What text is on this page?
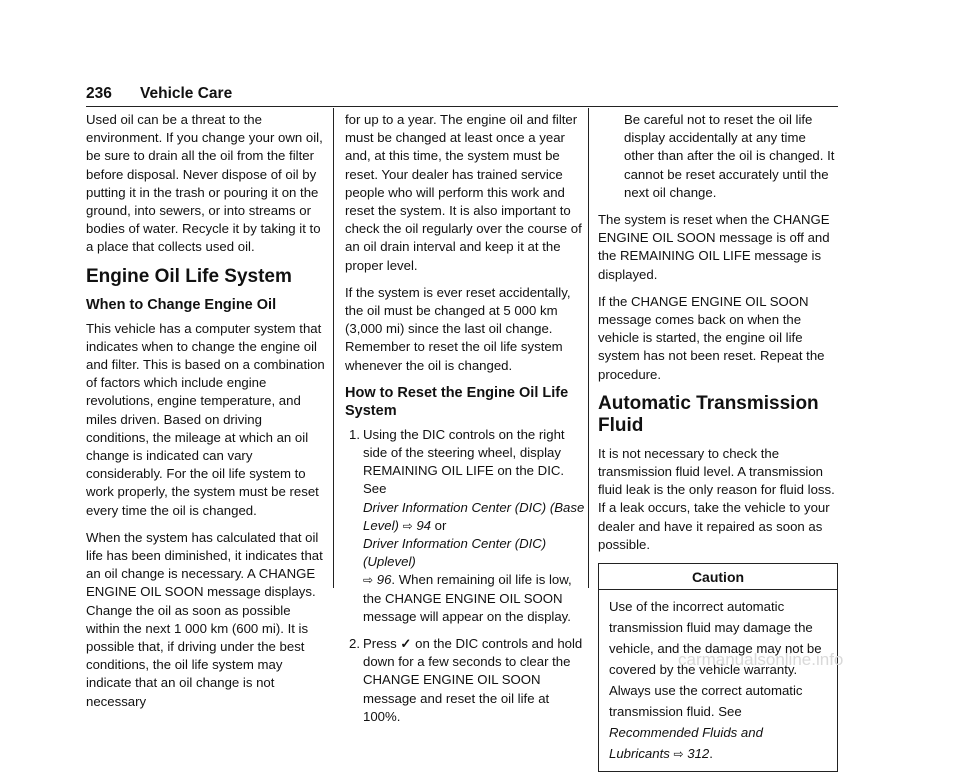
236 Vehicle Care

Used oil can be a threat to the environment. If you change your own oil, be sure to drain all the oil from the filter before disposal. Never dispose of oil by putting it in the trash or pouring it on the ground, into sewers, or into streams or bodies of water. Recycle it by taking it to a place that collects used oil.

Engine Oil Life System
When to Change Engine Oil

This vehicle has a computer system that indicates when to change the engine oil and filter. This is based on a combination of factors which include engine revolutions, engine temperature, and miles driven. Based on driving conditions, the mileage at which an oil change is indicated can vary considerably. For the oil life system to work properly, the system must be reset every time the oil is changed.

When the system has calculated that oil life has been diminished, it indicates that an oil change is necessary. A CHANGE ENGINE OIL SOON message displays. Change the oil as soon as possible within the next 1 000 km (600 mi). It is possible that, if driving under the best conditions, the oil life system may indicate that an oil change is not necessary

for up to a year. The engine oil and filter must be changed at least once a year and, at this time, the system must be reset. Your dealer has trained service people who will perform this work and reset the system. It is also important to check the oil regularly over the course of an oil drain interval and keep it at the proper level.

If the system is ever reset accidentally, the oil must be changed at 5 000 km (3,000 mi) since the last oil change. Remember to reset the oil life system whenever the oil is changed.

How to Reset the Engine Oil Life System
1. Using the DIC controls on the right side of the steering wheel, display REMAINING OIL LIFE on the DIC. See
Driver Information Center (DIC) (Base Level) ⇨ 94 or
Driver Information Center (DIC) (Uplevel)
⇨ 96. When remaining oil life is low, the CHANGE ENGINE OIL SOON message will appear on the display.
2. Press ✓ on the DIC controls and hold down for a few seconds to clear the CHANGE ENGINE OIL SOON message and reset the oil life at 100%.

Be careful not to reset the oil life display accidentally at any time other than after the oil is changed. It cannot be reset accurately until the next oil change.

The system is reset when the CHANGE ENGINE OIL SOON message is off and the REMAINING OIL LIFE message is displayed.

If the CHANGE ENGINE OIL SOON message comes back on when the vehicle is started, the engine oil life system has not been reset. Repeat the procedure.

Automatic Transmission Fluid

It is not necessary to check the transmission fluid level. A transmission fluid leak is the only reason for fluid loss. If a leak occurs, take the vehicle to your dealer and have it repaired as soon as possible.

Caution
Use of the incorrect automatic transmission fluid may damage the vehicle, and the damage may not be covered by the vehicle warranty. Always use the correct automatic transmission fluid. See Recommended Fluids and Lubricants ⇨ 312.
carmanualsonline.info
